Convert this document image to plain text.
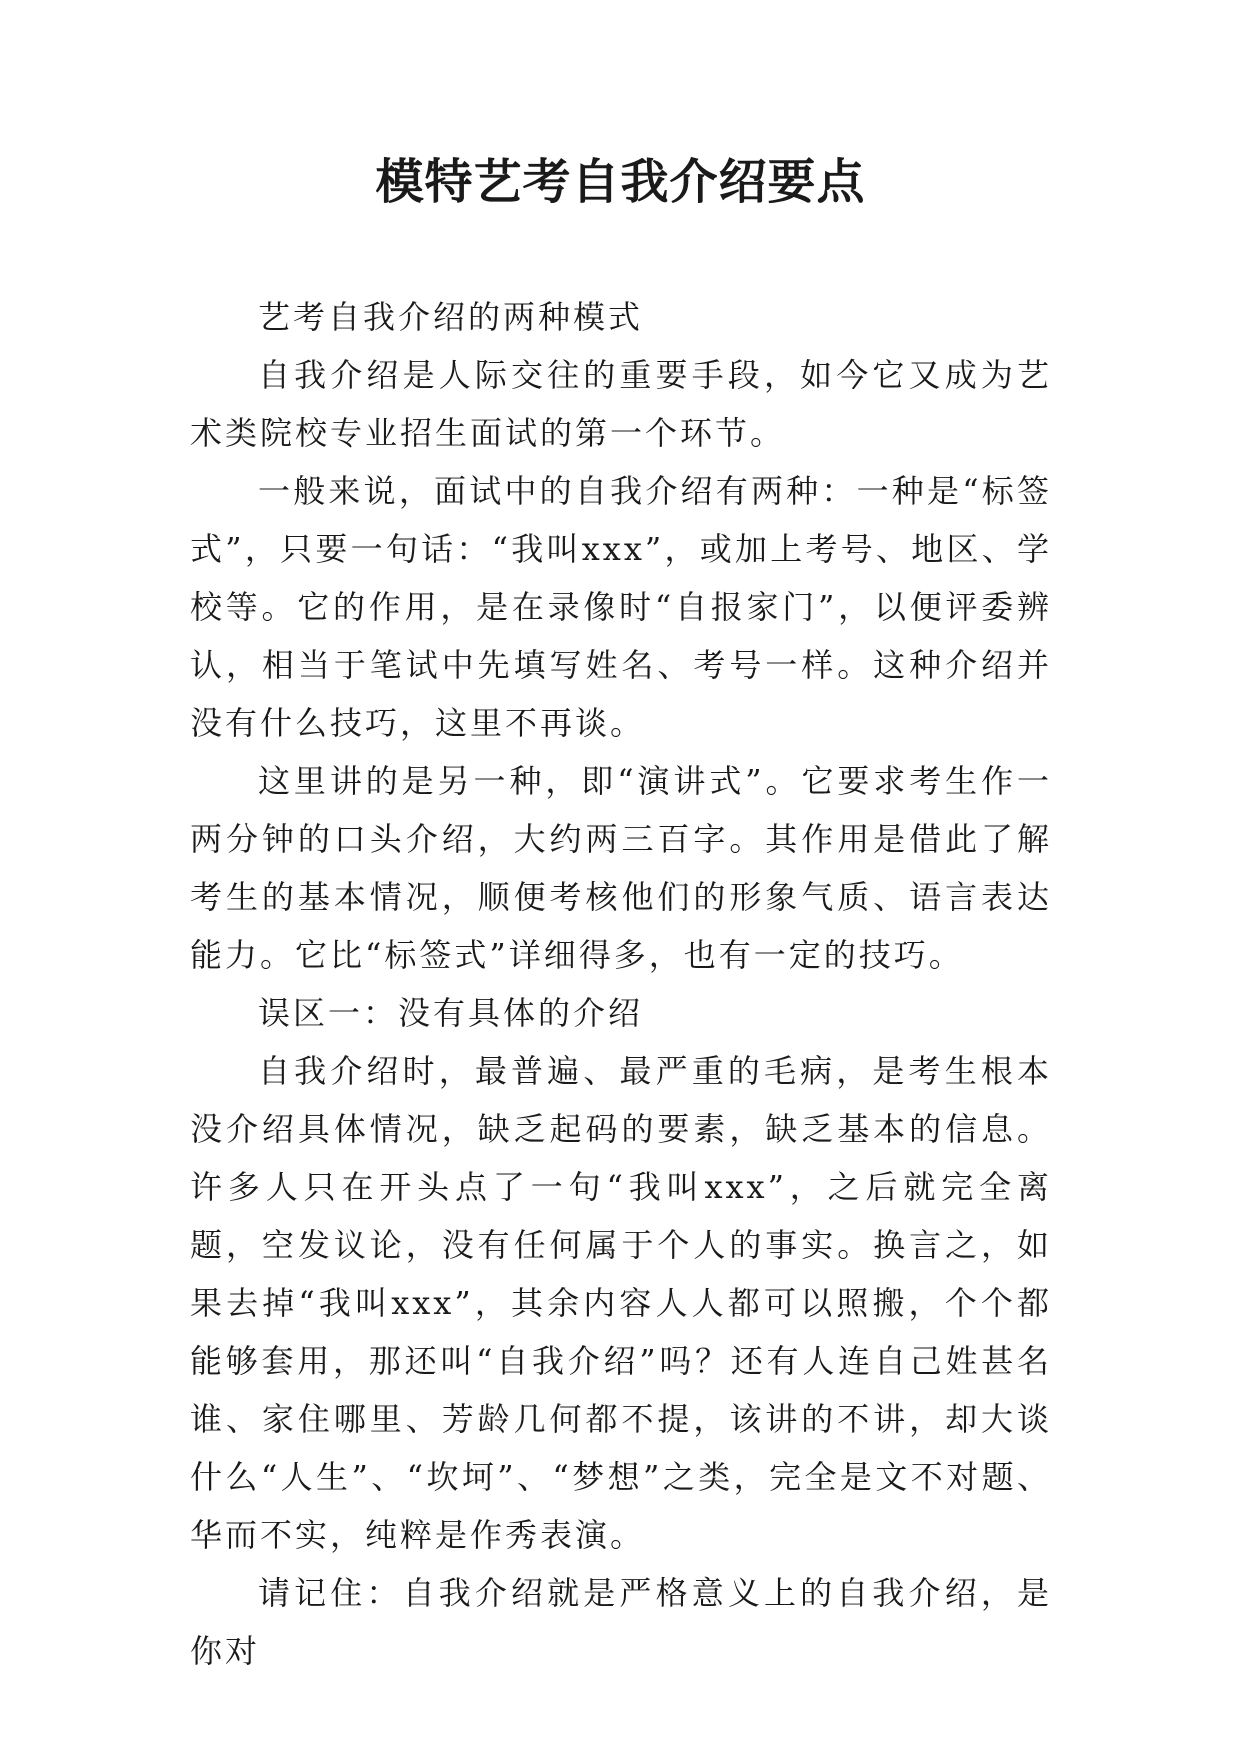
模特艺考自我介绍要点

艺考自我介绍的两种模式

自我介绍是人际交往的重要手段，如今它又成为艺术类院校专业招生面试的第一个环节。

一般来说，面试中的自我介绍有两种：一种是“标签式”，只要一句话：“我叫xxx”，或加上考号、地区、学校等。它的作用，是在录像时“自报家门”，以便评委辨认，相当于笔试中先填写姓名、考号一样。这种介绍并没有什么技巧，这里不再谈。

这里讲的是另一种，即“演讲式”。它要求考生作一两分钟的口头介绍，大约两三百字。其作用是借此了解考生的基本情况，顺便考核他们的形象气质、语言表达能力。它比“标签式”详细得多，也有一定的技巧。

误区一：没有具体的介绍

自我介绍时，最普遍、最严重的毛病，是考生根本没介绍具体情况，缺乏起码的要素，缺乏基本的信息。许多人只在开头点了一句“我叫xxx”，之后就完全离题，空发议论，没有任何属于个人的事实。换言之，如果去掉“我叫xxx”，其余内容人人都可以照搬，个个都能够套用，那还叫“自我介绍”吗？还有人连自己姓甚名谁、家住哪里、芳龄几何都不提，该讲的不讲，却大谈什么“人生”、“坎坷”、“梦想”之类，完全是文不对题、华而不实，纯粹是作秀表演。

请记住：自我介绍就是严格意义上的自我介绍，是你对
